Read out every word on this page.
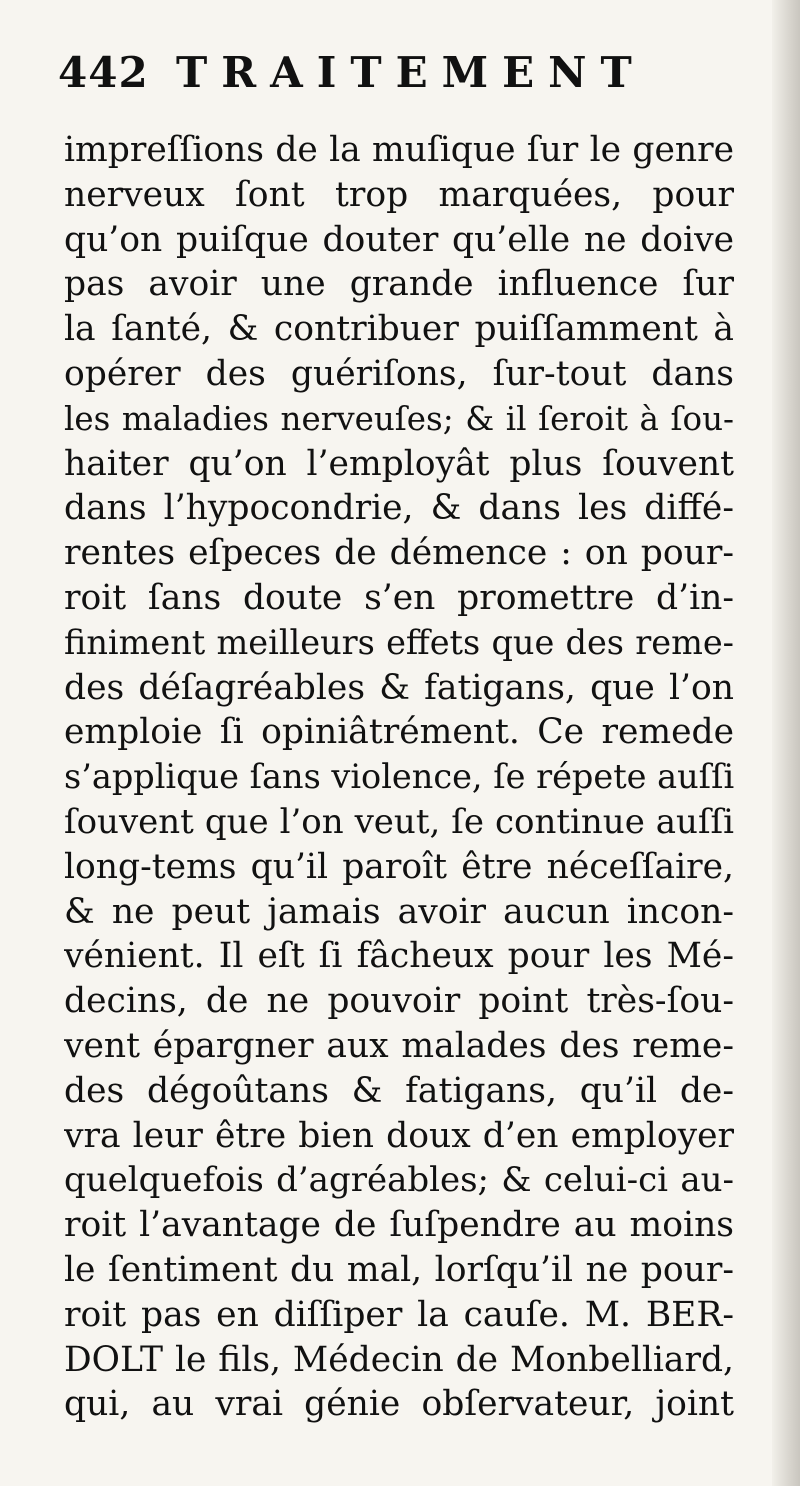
442 TRAITEMENT
impreſſions de la muſique ſur le genre
nerveux ſont trop marquées, pour
qu’on puiſque douter qu’elle ne doive
pas avoir une grande influence ſur
la ſanté, & contribuer puiſſamment à
opérer des guériſons, ſur-tout dans
les maladies nerveuſes; & il ſeroit à ſou-
haiter qu’on l’employât plus ſouvent
dans l’hypocondrie, & dans les diffé-
rentes eſpeces de démence : on pour-
roit ſans doute s’en promettre d’in-
finiment meilleurs effets que des reme-
des déſagréables & fatigans, que l’on
emploie ſi opiniâtrément. Ce remede
s’applique ſans violence, ſe répete auſſi
ſouvent que l’on veut, ſe continue auſſi
long-tems qu’il paroît être néceſſaire,
& ne peut jamais avoir aucun incon-
vénient. Il eſt ſi fâcheux pour les Mé-
decins, de ne pouvoir point très-ſou-
vent épargner aux malades des reme-
des dégoûtans & fatigans, qu’il de-
vra leur être bien doux d’en employer
quelquefois d’agréables; & celui-ci au-
roit l’avantage de ſuſpendre au moins
le ſentiment du mal, lorſqu’il ne pour-
roit pas en diſſiper la cauſe. M. BER-
DOLT le fils, Médecin de Monbelliard,
qui, au vrai génie obſervateur, joint
